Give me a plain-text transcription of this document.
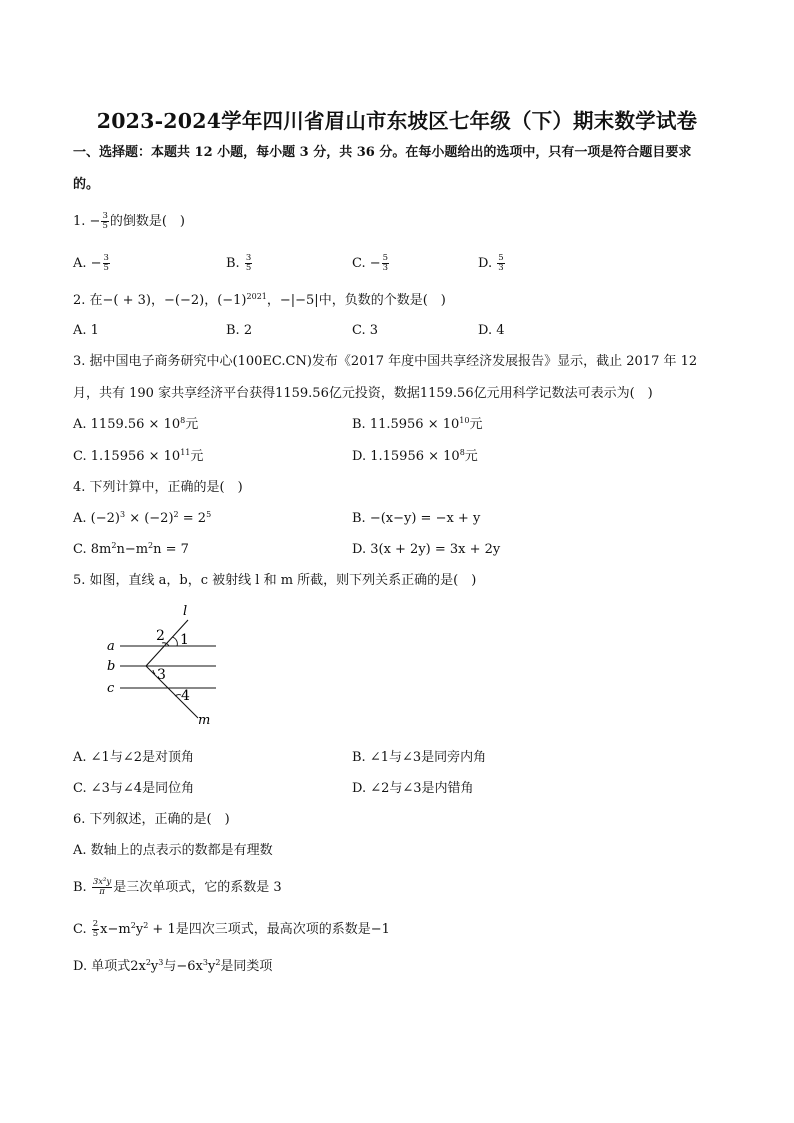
2023-2024学年四川省眉山市东坡区七年级（下）期末数学试卷
一、选择题：本题共 12 小题，每小题 3 分，共 36 分。在每小题给出的选项中，只有一项是符合题目要求
的。
1. − $\frac{3}{5}$ 的倒数是(　)
A. − $\frac{3}{5}$	B. $\frac{3}{5}$	C. − $\frac{5}{3}$	D. $\frac{5}{3}$
2. 在−( + 3)，−(−2)，$(-1)^{2021}$，−|−5|中，负数的个数是(　)
A. 1	B. 2	C. 3	D. 4
3. 据中国电子商务研究中心(100EC.CN)发布《2017 年度中国共享经济发展报告》显示，截止 2017 年 12
月，共有 190 家共享经济平台获得1159.56亿元投资，数据1159.56亿元用科学记数法可表示为(　)
A. $1159.56 \times 10^8$元	B. $11.5956 \times 10^{10}$元
C. $1.15956 \times 10^{11}$元	D. $1.15956 \times 10^8$元
4. 下列计算中，正确的是(　)
A. $(-2)^3 \times (-2)^2 = 2^5$	B. −(x−y) = −x + y
C. $8m^2n-m^2n = 7$	D. 3(x + 2y) = 3x + 2y
5. 如图，直线 a，b，c 被射线 l 和 m 所截，则下列关系正确的是(　)
a
b
c
l
m
1
2
3
4
A. ∠1与∠2是对顶角	B. ∠1与∠3是同旁内角
C. ∠3与∠4是同位角	D. ∠2与∠3是内错角
6. 下列叙述，正确的是(　)
A. 数轴上的点表示的数都是有理数
B. $\frac{\text{3x²y}}{\pi}$ 是三次单项式，它的系数是 3
C. $\frac{2}{5} x-m^2y^2 + 1$是四次三项式，最高次项的系数是−1
D. 单项式$2x^2y^3$与$-6x^3y^2$是同类项
